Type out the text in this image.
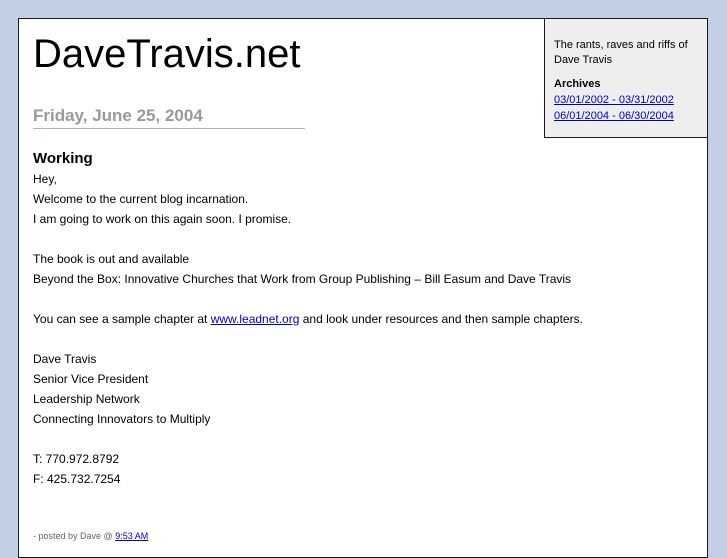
DaveTravis.net
Friday, June 25, 2004
Working
Hey,
Welcome to the current blog incarnation.
I am going to work on this again soon. I promise.
The book is out and available
Beyond the Box: Innovative Churches that Work from Group Publishing – Bill Easum and Dave Travis
You can see a sample chapter at www.leadnet.org and look under resources and then sample chapters.
Dave Travis
Senior Vice President
Leadership Network
Connecting Innovators to Multiply
T: 770.972.8792
F: 425.732.7254
- posted by Dave @ 9:53 AM

The rants, raves and riffs of Dave Travis

Archives

03/01/2002 - 03/31/2002
06/01/2004 - 06/30/2004
